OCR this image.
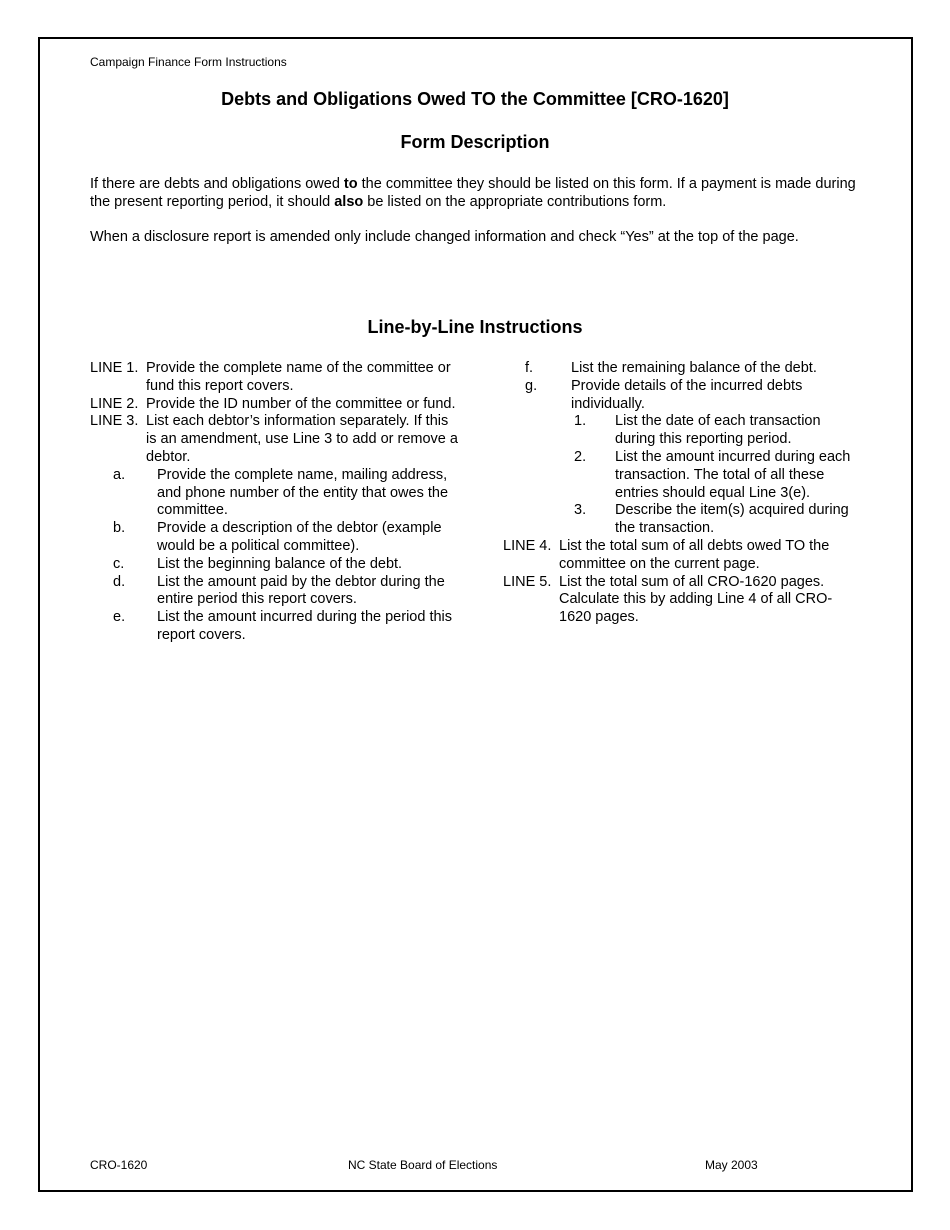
Campaign Finance Form Instructions
Debts and Obligations Owed TO the Committee [CRO-1620]
Form Description
If there are debts and obligations owed to the committee they should be listed on this form. If a payment is made during the present reporting period, it should also be listed on the appropriate contributions form.
When a disclosure report is amended only include changed information and check “Yes” at the top of the page.
Line-by-Line Instructions
LINE 1. Provide the complete name of the committee or fund this report covers.
LINE 2. Provide the ID number of the committee or fund.
LINE 3. List each debtor’s information separately. If this is an amendment, use Line 3 to add or remove a debtor.
a. Provide the complete name, mailing address, and phone number of the entity that owes the committee.
b. Provide a description of the debtor (example would be a political committee).
c. List the beginning balance of the debt.
d. List the amount paid by the debtor during the entire period this report covers.
e. List the amount incurred during the period this report covers.
f.	List the remaining balance of the debt.
g. Provide details of the incurred debts individually.
1. List the date of each transaction during this reporting period.
2. List the amount incurred during each transaction. The total of all these entries should equal Line 3(e).
3. Describe the item(s) acquired during the transaction.
LINE 4. List the total sum of all debts owed TO the committee on the current page.
LINE 5. List the total sum of all CRO-1620 pages. Calculate this by adding Line 4 of all CRO-1620 pages.
CRO-1620	NC State Board of Elections	May 2003
